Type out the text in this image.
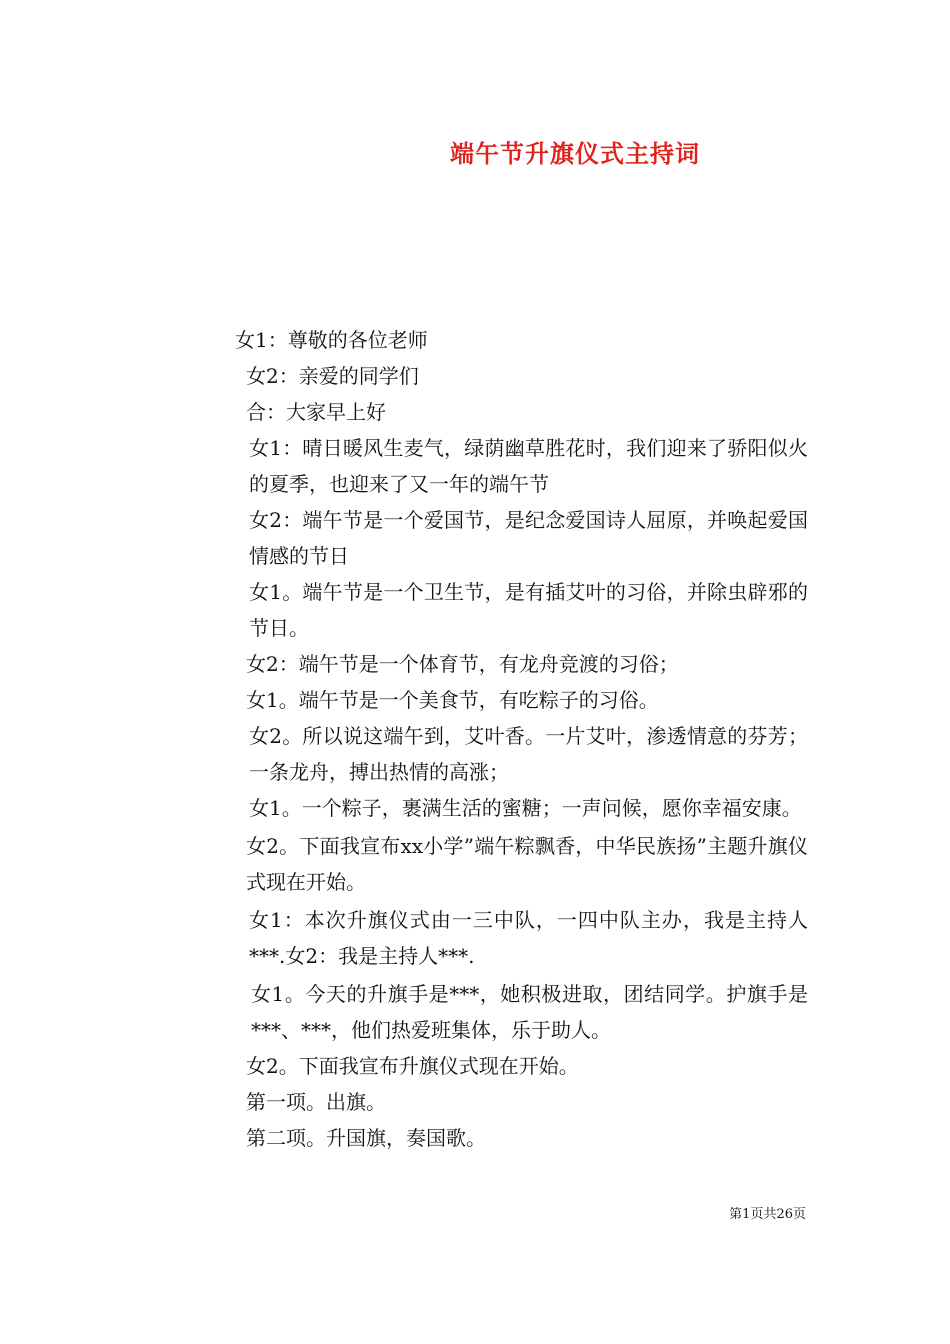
端午节升旗仪式主持词
女1：尊敬的各位老师
女2：亲爱的同学们
合：大家早上好
女1：晴日暖风生麦气，绿荫幽草胜花时，我们迎来了骄阳似火的夏季，也迎来了又一年的端午节
女2：端午节是一个爱国节，是纪念爱国诗人屈原，并唤起爱国情感的节日
女1。端午节是一个卫生节，是有插艾叶的习俗，并除虫辟邪的节日。
女2：端午节是一个体育节，有龙舟竞渡的习俗；
女1。端午节是一个美食节，有吃粽子的习俗。
女2。所以说这端午到，艾叶香。一片艾叶，渗透情意的芬芳；一条龙舟，搏出热情的高涨；
女1。一个粽子，裹满生活的蜜糖；一声问候，愿你幸福安康。
女2。下面我宣布xx小学”端午粽飘香，中华民族扬”主题升旗仪式现在开始。
女1：本次升旗仪式由一三中队，一四中队主办，我是主持人***.女2：我是主持人***.
女1。今天的升旗手是***，她积极进取，团结同学。护旗手是***、***，他们热爱班集体，乐于助人。
女2。下面我宣布升旗仪式现在开始。
第一项。出旗。
第二项。升国旗，奏国歌。
第1页共26页
